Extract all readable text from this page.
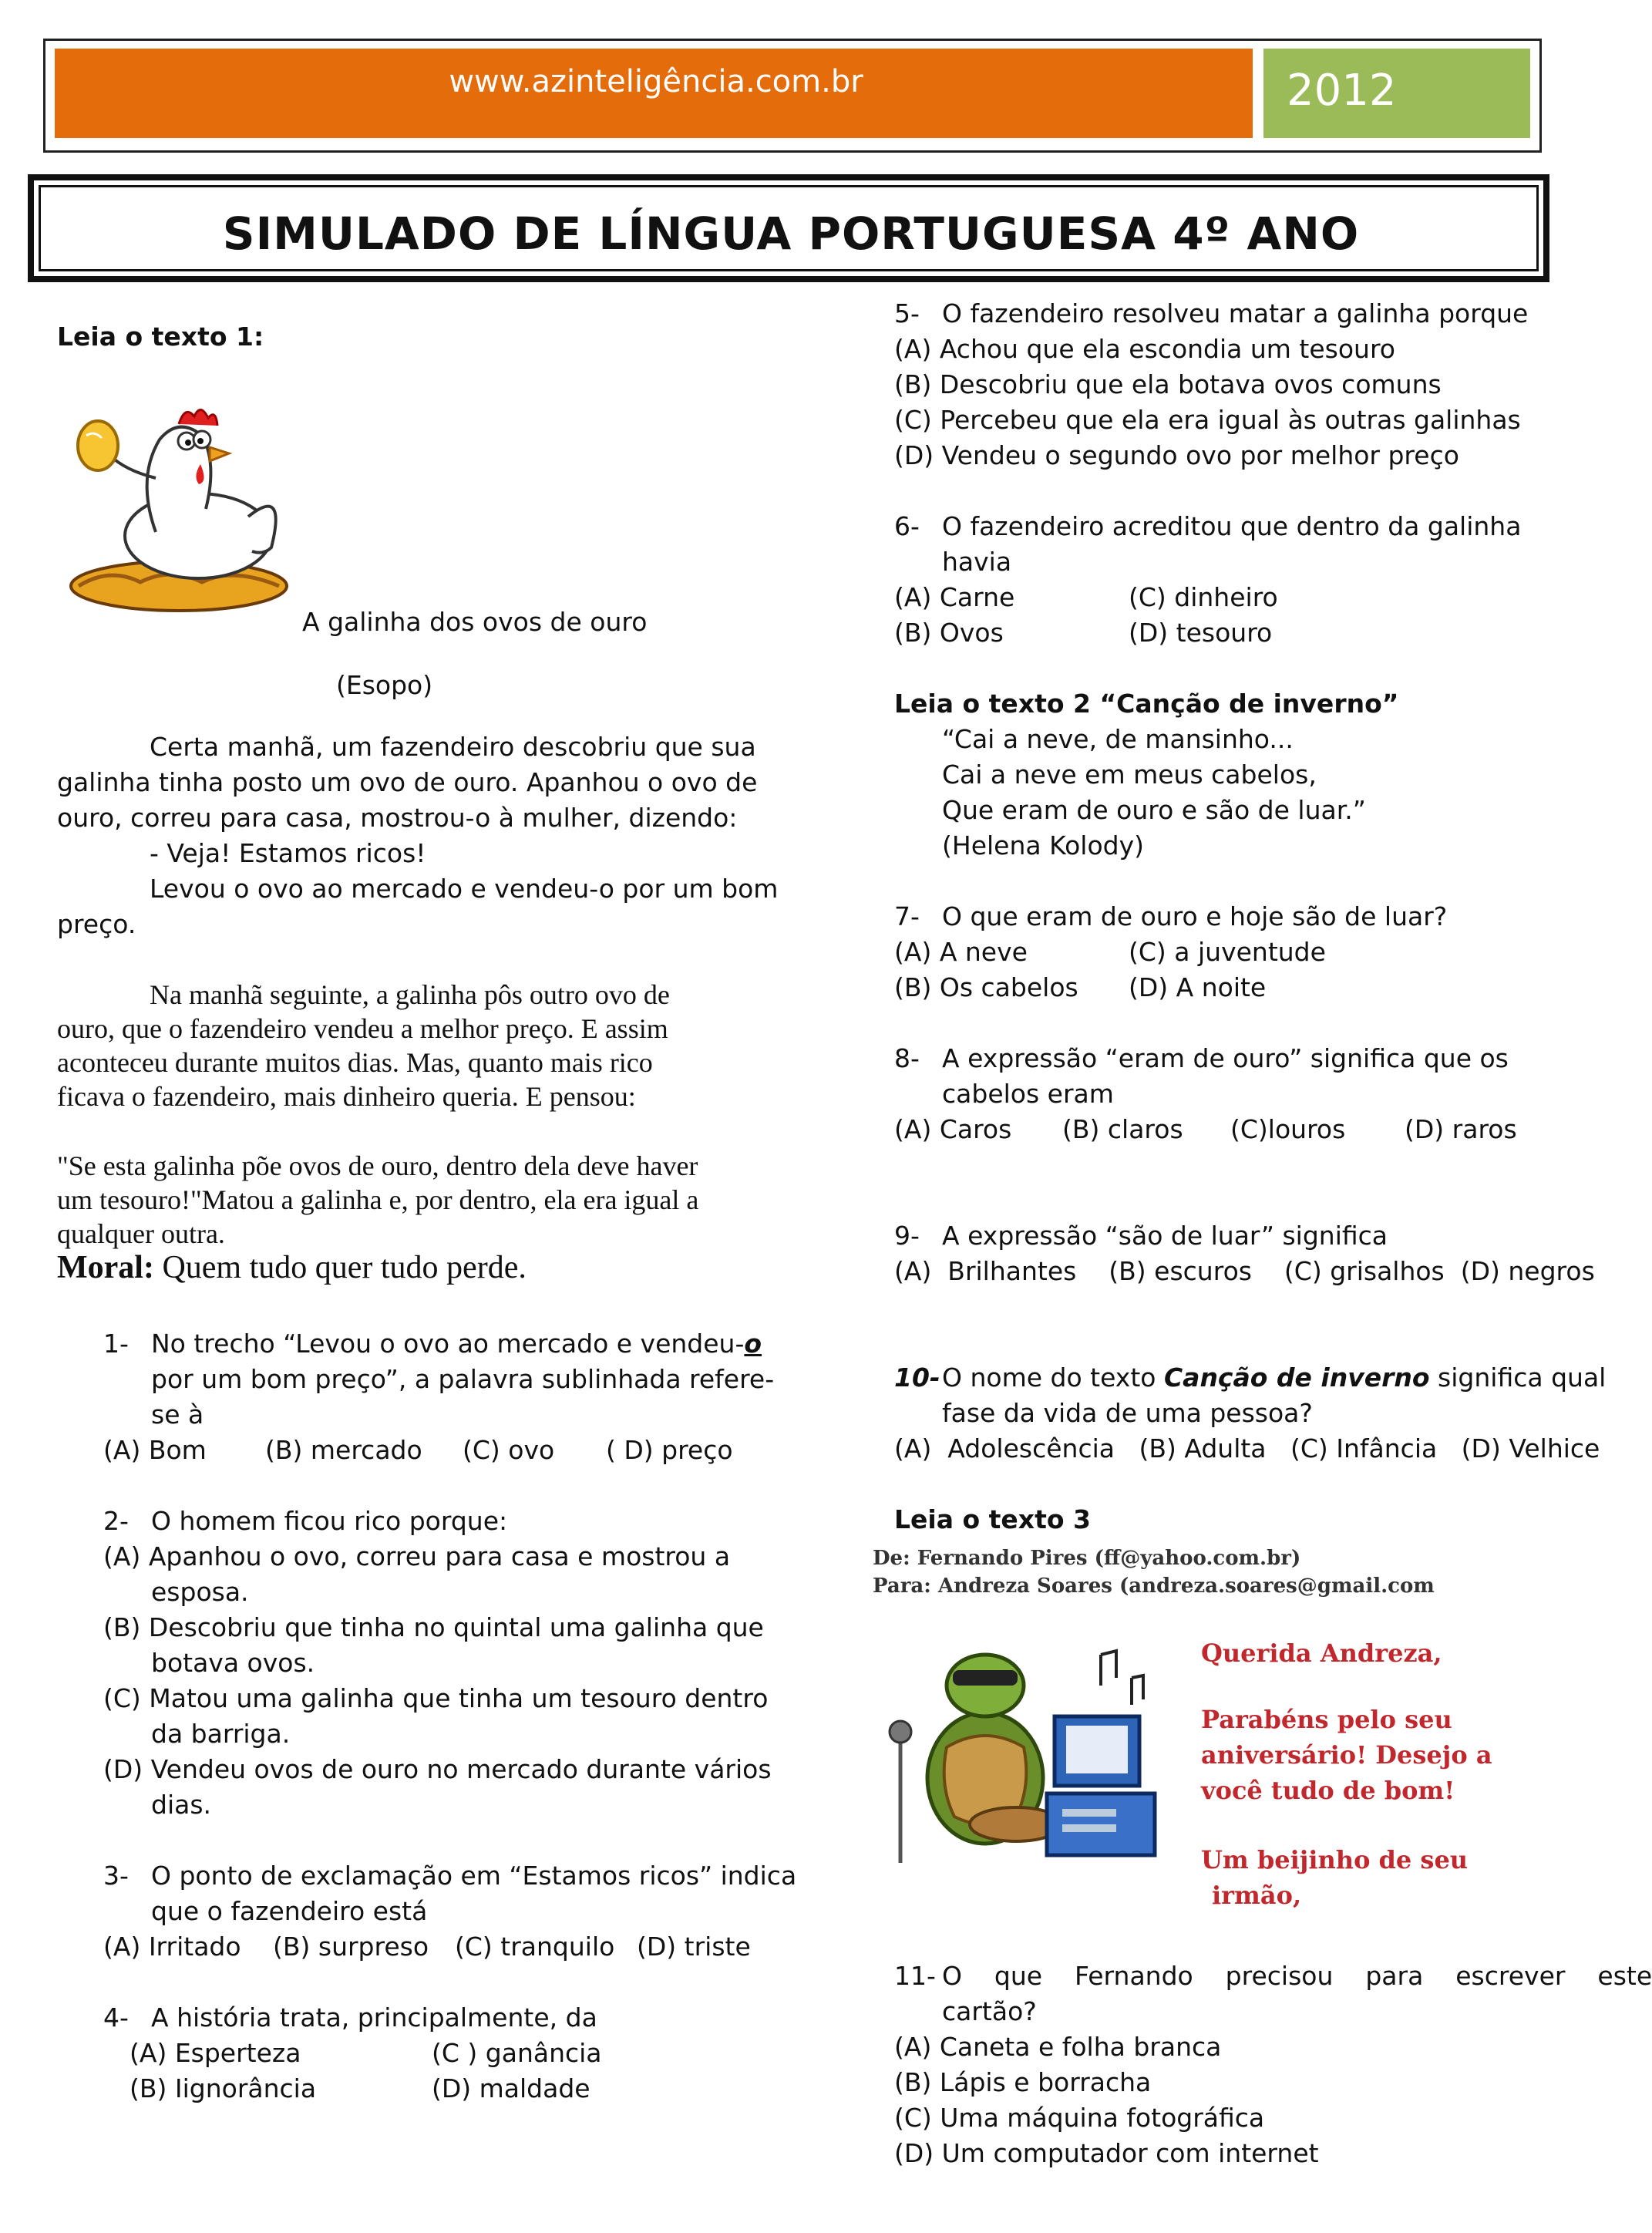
www.azinteligência.com.br	2012
SIMULADO DE LÍNGUA PORTUGUESA 4º ANO
Leia o texto 1:
A galinha dos ovos de ouro
(Esopo)
Certa manhã, um fazendeiro descobriu que sua
galinha tinha posto um ovo de ouro. Apanhou o ovo de
ouro, correu para casa, mostrou-o à mulher, dizendo:
- Veja! Estamos ricos!
Levou o ovo ao mercado e vendeu-o por um bom
preço.
Na manhã seguinte, a galinha pôs outro ovo de
ouro, que o fazendeiro vendeu a melhor preço. E assim
aconteceu durante muitos dias. Mas, quanto mais rico
ficava o fazendeiro, mais dinheiro queria. E pensou:
"Se esta galinha põe ovos de ouro, dentro dela deve haver
um tesouro!"Matou a galinha e, por dentro, ela era igual a
qualquer outra.
Moral: Quem tudo quer tudo perde.
1- No trecho “Levou o ovo ao mercado e vendeu-o
por um bom preço”, a palavra sublinhada refere-
se à
(A) Bom (B) mercado (C) ovo ( D) preço
2- O homem ficou rico porque:
(A) Apanhou o ovo, correu para casa e mostrou a
esposa.
(B) Descobriu que tinha no quintal uma galinha que
botava ovos.
(C) Matou uma galinha que tinha um tesouro dentro
da barriga.
(D) Vendeu ovos de ouro no mercado durante vários
dias.
3- O ponto de exclamação em “Estamos ricos” indica
que o fazendeiro está
(A) Irritado (B) surpreso (C) tranquilo (D) triste
4- A história trata, principalmente, da
(A) Esperteza	(C ) ganância
(B) Iignorância	(D) maldade
5- O fazendeiro resolveu matar a galinha porque
(A) Achou que ela escondia um tesouro
(B) Descobriu que ela botava ovos comuns
(C) Percebeu que ela era igual às outras galinhas
(D) Vendeu o segundo ovo por melhor preço
6- O fazendeiro acreditou que dentro da galinha
havia
(A) Carne	(C) dinheiro
(B) Ovos	(D) tesouro
Leia o texto 2 “Canção de inverno”
“Cai a neve, de mansinho...
Cai a neve em meus cabelos,
Que eram de ouro e são de luar.”
(Helena Kolody)
7- O que eram de ouro e hoje são de luar?
(A) A neve	(C) a juventude
(B) Os cabelos (D) A noite
8- A expressão “eram de ouro” significa que os
cabelos eram
(A) Caros (B) claros (C)louros (D) raros
9- A expressão “são de luar” significa
(A)  Brilhantes    (B) escuros    (C) grisalhos  (D) negros
10- O nome do texto Canção de inverno significa qual
fase da vida de uma pessoa?
(A)  Adolescência   (B) Adulta   (C) Infância   (D) Velhice
Leia o texto 3
De: Fernando Pires (ff@yahoo.com.br)
Para: Andreza Soares (andreza.soares@gmail.com
Querida Andreza,
Parabéns pelo seu
aniversário! Desejo a
você tudo de bom!
Um beijinho de seu
irmão,
11- O    que    Fernando    precisou    para    escrever    este
cartão?
(A) Caneta e folha branca
(B) Lápis e borracha
(C) Uma máquina fotográfica
(D) Um computador com internet
